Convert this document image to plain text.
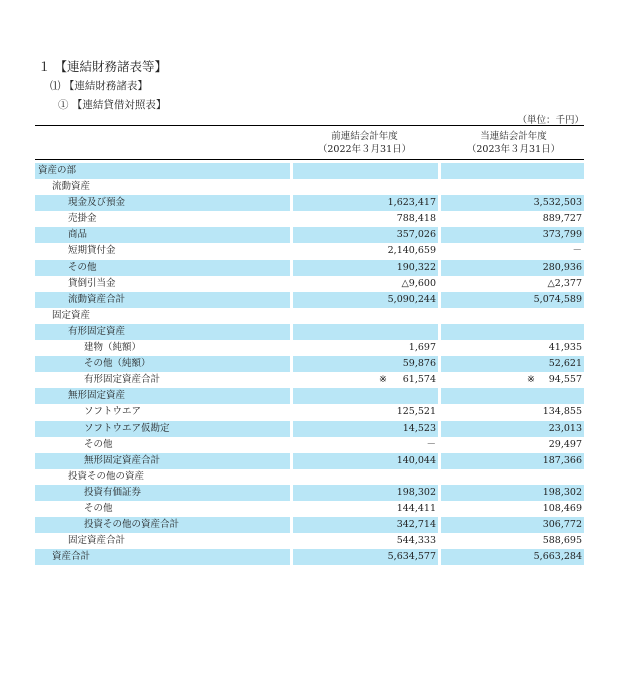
１ 【連結財務諸表等】
⑴ 【連結財務諸表】
① 【連結貸借対照表】
（単位：千円）
前連結会計年度
（2022年３月31日）
当連結会計年度
（2023年３月31日）
資産の部
流動資産
現金及び預金	1,623,417	3,532,503
売掛金	788,418	889,727
商品	357,026	373,799
短期貸付金	2,140,659	－
その他	190,322	280,936
貸倒引当金	△9,600	△2,377
流動資産合計	5,090,244	5,074,589
固定資産
有形固定資産
建物（純額）	1,697	41,935
その他（純額）	59,876	52,621
有形固定資産合計	※	61,574	※	94,557
無形固定資産
ソフトウエア	125,521	134,855
ソフトウエア仮勘定	14,523	23,013
その他	－	29,497
無形固定資産合計	140,044	187,366
投資その他の資産
投資有価証券	198,302	198,302
その他	144,411	108,469
投資その他の資産合計	342,714	306,772
固定資産合計	544,333	588,695
資産合計	5,634,577	5,663,284
